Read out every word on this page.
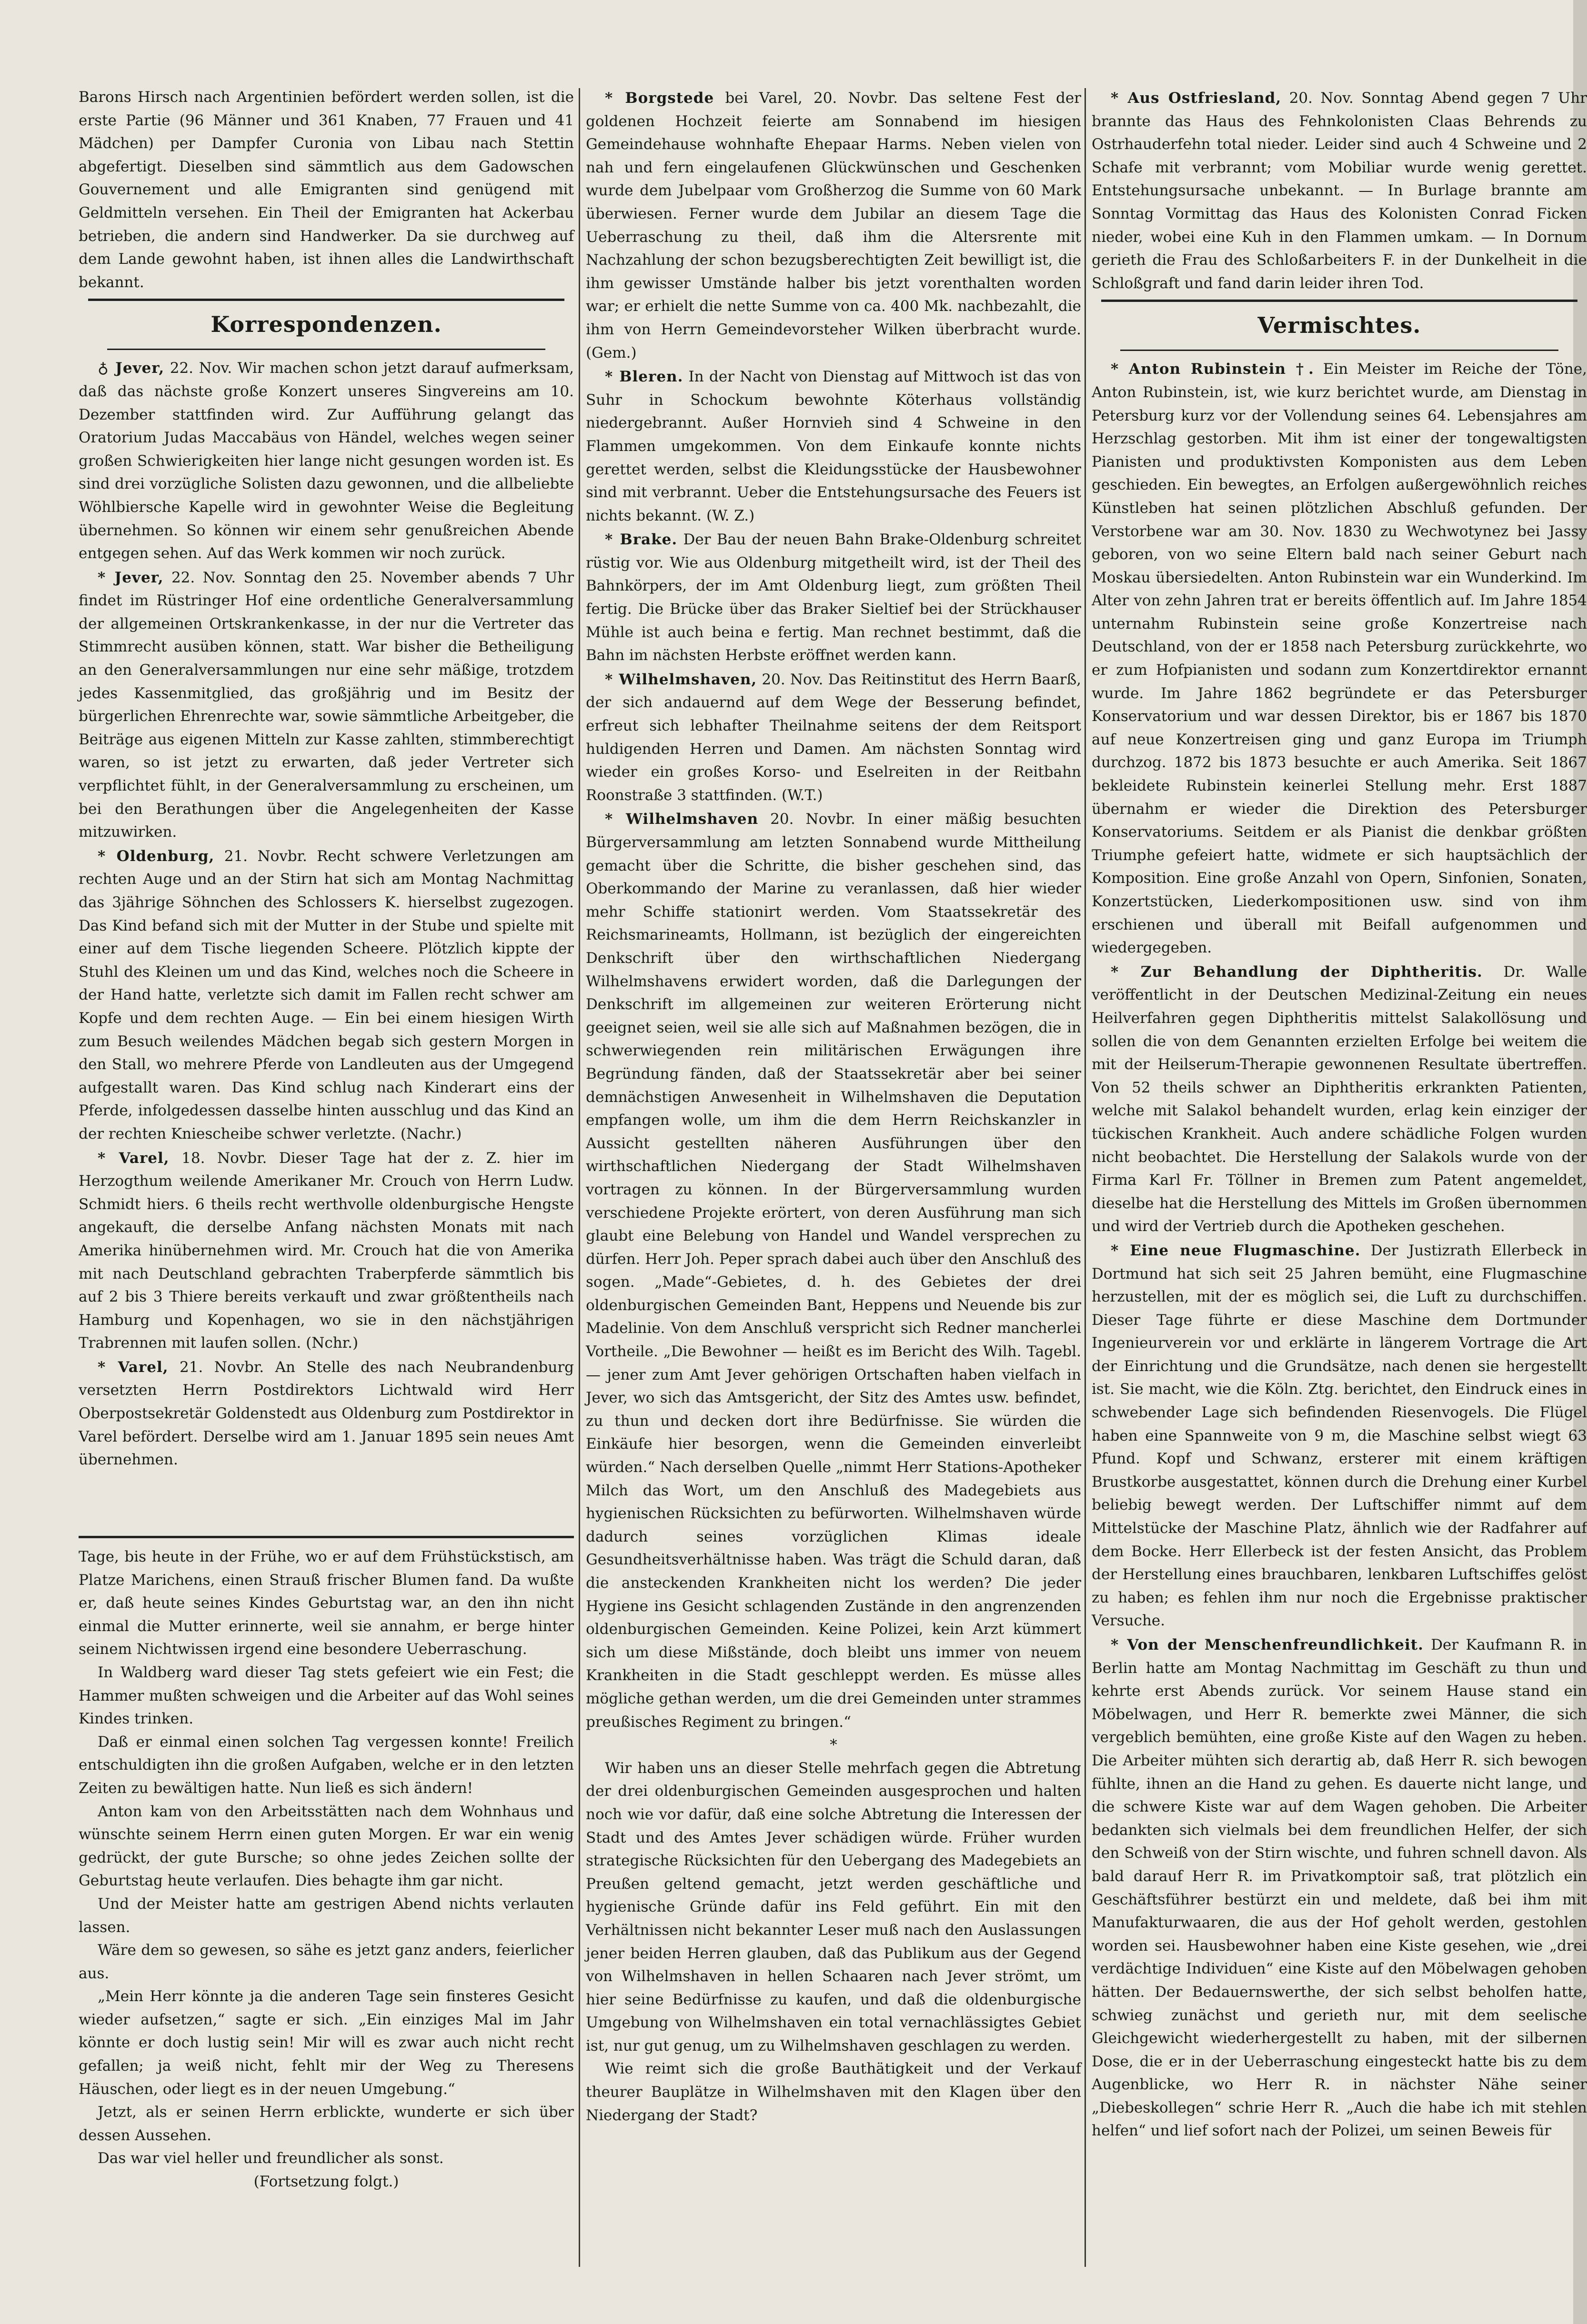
Barons Hirsch nach Argentinien befördert werden sollen, ist die erste Partie (96 Männer und 361 Knaben, 77 Frauen und 41 Mädchen) per Dampfer Curonia von Libau nach Stettin abgefertigt. Dieselben sind sämmtlich aus dem Gadowschen Gouvernement und alle Emigranten sind genügend mit Geldmitteln versehen. Ein Theil der Emigranten hat Ackerbau betrieben, die andern sind Handwerker. Da sie durchweg auf dem Lande gewohnt haben, ist ihnen alles die Landwirthschaft bekannt.

Korrespondenzen.

♁ Jever, 22. Nov. Wir machen schon jetzt darauf aufmerksam, daß das nächste große Konzert unseres Singvereins am 10. Dezember stattfinden wird. Zur Aufführung gelangt das Oratorium Judas Maccabäus von Händel, welches wegen seiner großen Schwierigkeiten hier lange nicht gesungen worden ist. Es sind drei vorzügliche Solisten dazu gewonnen, und die allbeliebte Wöhlbiersche Kapelle wird in gewohnter Weise die Begleitung übernehmen. So können wir einem sehr genußreichen Abende entgegen sehen. Auf das Werk kommen wir noch zurück.

* Jever, 22. Nov. Sonntag den 25. November abends 7 Uhr findet im Rüstringer Hof eine ordentliche Generalversammlung der allgemeinen Ortskrankenkasse, in der nur die Vertreter das Stimmrecht ausüben können, statt. War bisher die Betheiligung an den Generalversammlungen nur eine sehr mäßige, trotzdem jedes Kassenmitglied, das großjährig und im Besitz der bürgerlichen Ehrenrechte war, sowie sämmtliche Arbeitgeber, die Beiträge aus eigenen Mitteln zur Kasse zahlten, stimmberechtigt waren, so ist jetzt zu erwarten, daß jeder Vertreter sich verpflichtet fühlt, in der Generalversammlung zu erscheinen, um bei den Berathungen über die Angelegenheiten der Kasse mitzuwirken.

* Oldenburg, 21. Novbr. Recht schwere Verletzungen am rechten Auge und an der Stirn hat sich am Montag Nachmittag das 3jährige Söhnchen des Schlossers K. hierselbst zugezogen. Das Kind befand sich mit der Mutter in der Stube und spielte mit einer auf dem Tische liegenden Scheere. Plötzlich kippte der Stuhl des Kleinen um und das Kind, welches noch die Scheere in der Hand hatte, verletzte sich damit im Fallen recht schwer am Kopfe und dem rechten Auge. — Ein bei einem hiesigen Wirth zum Besuch weilendes Mädchen begab sich gestern Morgen in den Stall, wo mehrere Pferde von Landleuten aus der Umgegend aufgestallt waren. Das Kind schlug nach Kinderart eins der Pferde, infolgedessen dasselbe hinten ausschlug und das Kind an der rechten Kniescheibe schwer verletzte. (Nachr.)

* Varel, 18. Novbr. Dieser Tage hat der z. Z. hier im Herzogthum weilende Amerikaner Mr. Crouch von Herrn Ludw. Schmidt hiers. 6 theils recht werthvolle oldenburgische Hengste angekauft, die derselbe Anfang nächsten Monats mit nach Amerika hinübernehmen wird. Mr. Crouch hat die von Amerika mit nach Deutschland gebrachten Traberpferde sämmtlich bis auf 2 bis 3 Thiere bereits verkauft und zwar größtentheils nach Hamburg und Kopenhagen, wo sie in den nächstjährigen Trabrennen mit laufen sollen. (Nchr.)

* Varel, 21. Novbr. An Stelle des nach Neubrandenburg versetzten Herrn Postdirektors Lichtwald wird Herr Oberpostsekretär Goldenstedt aus Oldenburg zum Postdirektor in Varel befördert. Derselbe wird am 1. Januar 1895 sein neues Amt übernehmen.

Tage, bis heute in der Frühe, wo er auf dem Frühstückstisch, am Platze Marichens, einen Strauß frischer Blumen fand. Da wußte er, daß heute seines Kindes Geburtstag war, an den ihn nicht einmal die Mutter erinnerte, weil sie annahm, er berge hinter seinem Nichtwissen irgend eine besondere Ueberraschung.

In Waldberg ward dieser Tag stets gefeiert wie ein Fest; die Hammer mußten schweigen und die Arbeiter auf das Wohl seines Kindes trinken.

Daß er einmal einen solchen Tag vergessen konnte! Freilich entschuldigten ihn die großen Aufgaben, welche er in den letzten Zeiten zu bewältigen hatte. Nun ließ es sich ändern!

Anton kam von den Arbeitsstätten nach dem Wohnhaus und wünschte seinem Herrn einen guten Morgen. Er war ein wenig gedrückt, der gute Bursche; so ohne jedes Zeichen sollte der Geburtstag heute verlaufen. Dies behagte ihm gar nicht.

Und der Meister hatte am gestrigen Abend nichts verlauten lassen.

Wäre dem so gewesen, so sähe es jetzt ganz anders, feierlicher aus.

„Mein Herr könnte ja die anderen Tage sein finsteres Gesicht wieder aufsetzen,“ sagte er sich. „Ein einziges Mal im Jahr könnte er doch lustig sein! Mir will es zwar auch nicht recht gefallen; ja weiß nicht, fehlt mir der Weg zu Theresens Häuschen, oder liegt es in der neuen Umgebung.“

Jetzt, als er seinen Herrn erblickte, wunderte er sich über dessen Aussehen.

Das war viel heller und freundlicher als sonst.

(Fortsetzung folgt.)

* Borgstede bei Varel, 20. Novbr. Das seltene Fest der goldenen Hochzeit feierte am Sonnabend im hiesigen Gemeindehause wohnhafte Ehepaar Harms. Neben vielen von nah und fern eingelaufenen Glückwünschen und Geschenken wurde dem Jubelpaar vom Großherzog die Summe von 60 Mark überwiesen. Ferner wurde dem Jubilar an diesem Tage die Ueberraschung zu theil, daß ihm die Altersrente mit Nachzahlung der schon bezugsberechtigten Zeit bewilligt ist, die ihm gewisser Umstände halber bis jetzt vorenthalten worden war; er erhielt die nette Summe von ca. 400 Mk. nachbezahlt, die ihm von Herrn Gemeindevorsteher Wilken überbracht wurde. (Gem.)

* Bleren. In der Nacht von Dienstag auf Mittwoch ist das von Suhr in Schockum bewohnte Köterhaus vollständig niedergebrannt. Außer Hornvieh sind 4 Schweine in den Flammen umgekommen. Von dem Einkaufe konnte nichts gerettet werden, selbst die Kleidungsstücke der Hausbewohner sind mit verbrannt. Ueber die Entstehungsursache des Feuers ist nichts bekannt. (W. Z.)

* Brake. Der Bau der neuen Bahn Brake-Oldenburg schreitet rüstig vor. Wie aus Oldenburg mitgetheilt wird, ist der Theil des Bahnkörpers, der im Amt Oldenburg liegt, zum größten Theil fertig. Die Brücke über das Braker Sieltief bei der Strückhauser Mühle ist auch beina e fertig. Man rechnet bestimmt, daß die Bahn im nächsten Herbste eröffnet werden kann.

* Wilhelmshaven, 20. Nov. Das Reitinstitut des Herrn Baarß, der sich andauernd auf dem Wege der Besserung befindet, erfreut sich lebhafter Theilnahme seitens der dem Reitsport huldigenden Herren und Damen. Am nächsten Sonntag wird wieder ein großes Korso- und Eselreiten in der Reitbahn Roonstraße 3 stattfinden. (W.T.)

* Wilhelmshaven 20. Novbr. In einer mäßig besuchten Bürgerversammlung am letzten Sonnabend wurde Mittheilung gemacht über die Schritte, die bisher geschehen sind, das Oberkommando der Marine zu veranlassen, daß hier wieder mehr Schiffe stationirt werden. Vom Staatssekretär des Reichsmarineamts, Hollmann, ist bezüglich der eingereichten Denkschrift über den wirthschaftlichen Niedergang Wilhelmshavens erwidert worden, daß die Darlegungen der Denkschrift im allgemeinen zur weiteren Erörterung nicht geeignet seien, weil sie alle sich auf Maßnahmen bezögen, die in schwerwiegenden rein militärischen Erwägungen ihre Begründung fänden, daß der Staatssekretär aber bei seiner demnächstigen Anwesenheit in Wilhelmshaven die Deputation empfangen wolle, um ihm die dem Herrn Reichskanzler in Aussicht gestellten näheren Ausführungen über den wirthschaftlichen Niedergang der Stadt Wilhelmshaven vortragen zu können. In der Bürgerversammlung wurden verschiedene Projekte erörtert, von deren Ausführung man sich glaubt eine Belebung von Handel und Wandel versprechen zu dürfen. Herr Joh. Peper sprach dabei auch über den Anschluß des sogen. „Made“-Gebietes, d. h. des Gebietes der drei oldenburgischen Gemeinden Bant, Heppens und Neuende bis zur Madelinie. Von dem Anschluß verspricht sich Redner mancherlei Vortheile. „Die Bewohner — heißt es im Bericht des Wilh. Tagebl. — jener zum Amt Jever gehörigen Ortschaften haben vielfach in Jever, wo sich das Amtsgericht, der Sitz des Amtes usw. befindet, zu thun und decken dort ihre Bedürfnisse. Sie würden die Einkäufe hier besorgen, wenn die Gemeinden einverleibt würden.“ Nach derselben Quelle „nimmt Herr Stations-Apotheker Milch das Wort, um den Anschluß des Madegebiets aus hygienischen Rücksichten zu befürworten. Wilhelmshaven würde dadurch seines vorzüglichen Klimas ideale Gesundheitsverhältnisse haben. Was trägt die Schuld daran, daß die ansteckenden Krankheiten nicht los werden? Die jeder Hygiene ins Gesicht schlagenden Zustände in den angrenzenden oldenburgischen Gemeinden. Keine Polizei, kein Arzt kümmert sich um diese Mißstände, doch bleibt uns immer von neuem Krankheiten in die Stadt geschleppt werden. Es müsse alles mögliche gethan werden, um die drei Gemeinden unter strammes preußisches Regiment zu bringen.“

*

Wir haben uns an dieser Stelle mehrfach gegen die Abtretung der drei oldenburgischen Gemeinden ausgesprochen und halten noch wie vor dafür, daß eine solche Abtretung die Interessen der Stadt und des Amtes Jever schädigen würde. Früher wurden strategische Rücksichten für den Uebergang des Madegebiets an Preußen geltend gemacht, jetzt werden geschäftliche und hygienische Gründe dafür ins Feld geführt. Ein mit den Verhältnissen nicht bekannter Leser muß nach den Auslassungen jener beiden Herren glauben, daß das Publikum aus der Gegend von Wilhelmshaven in hellen Schaaren nach Jever strömt, um hier seine Bedürfnisse zu kaufen, und daß die oldenburgische Umgebung von Wilhelmshaven ein total vernachlässigtes Gebiet ist, nur gut genug, um zu Wilhelmshaven geschlagen zu werden.

Wie reimt sich die große Bauthätigkeit und der Verkauf theurer Bauplätze in Wilhelmshaven mit den Klagen über den Niedergang der Stadt?

* Aus Ostfriesland, 20. Nov. Sonntag Abend gegen 7 Uhr brannte das Haus des Fehnkolonisten Claas Behrends zu Ostrhauderfehn total nieder. Leider sind auch 4 Schweine und 2 Schafe mit verbrannt; vom Mobiliar wurde wenig gerettet. Entstehungsursache unbekannt. — In Burlage brannte am Sonntag Vormittag das Haus des Kolonisten Conrad Ficken nieder, wobei eine Kuh in den Flammen umkam. — In Dornum gerieth die Frau des Schloßarbeiters F. in der Dunkelheit in die Schloßgraft und fand darin leider ihren Tod.

Vermischtes.

* Anton Rubinstein †. Ein Meister im Reiche der Töne, Anton Rubinstein, ist, wie kurz berichtet wurde, am Dienstag in Petersburg kurz vor der Vollendung seines 64. Lebensjahres am Herzschlag gestorben. Mit ihm ist einer der tongewaltigsten Pianisten und produktivsten Komponisten aus dem Leben geschieden. Ein bewegtes, an Erfolgen außergewöhnlich reiches Künstleben hat seinen plötzlichen Abschluß gefunden. Der Verstorbene war am 30. Nov. 1830 zu Wechwotynez bei Jassy geboren, von wo seine Eltern bald nach seiner Geburt nach Moskau übersiedelten. Anton Rubinstein war ein Wunderkind. Im Alter von zehn Jahren trat er bereits öffentlich auf. Im Jahre 1854 unternahm Rubinstein seine große Konzertreise nach Deutschland, von der er 1858 nach Petersburg zurückkehrte, wo er zum Hofpianisten und sodann zum Konzertdirektor ernannt wurde. Im Jahre 1862 begründete er das Petersburger Konservatorium und war dessen Direktor, bis er 1867 bis 1870 auf neue Konzertreisen ging und ganz Europa im Triumph durchzog. 1872 bis 1873 besuchte er auch Amerika. Seit 1867 bekleidete Rubinstein keinerlei Stellung mehr. Erst 1887 übernahm er wieder die Direktion des Petersburger Konservatoriums. Seitdem er als Pianist die denkbar größten Triumphe gefeiert hatte, widmete er sich hauptsächlich der Komposition. Eine große Anzahl von Opern, Sinfonien, Sonaten, Konzertstücken, Liederkompositionen usw. sind von ihm erschienen und überall mit Beifall aufgenommen und wiedergegeben.

* Zur Behandlung der Diphtheritis. Dr. Walle veröffentlicht in der Deutschen Medizinal-Zeitung ein neues Heilverfahren gegen Diphtheritis mittelst Salakollösung und sollen die von dem Genannten erzielten Erfolge bei weitem die mit der Heilserum-Therapie gewonnenen Resultate übertreffen. Von 52 theils schwer an Diphtheritis erkrankten Patienten, welche mit Salakol behandelt wurden, erlag kein einziger der tückischen Krankheit. Auch andere schädliche Folgen wurden nicht beobachtet. Die Herstellung der Salakols wurde von der Firma Karl Fr. Töllner in Bremen zum Patent angemeldet, dieselbe hat die Herstellung des Mittels im Großen übernommen und wird der Vertrieb durch die Apotheken geschehen.

* Eine neue Flugmaschine. Der Justizrath Ellerbeck in Dortmund hat sich seit 25 Jahren bemüht, eine Flugmaschine herzustellen, mit der es möglich sei, die Luft zu durchschiffen. Dieser Tage führte er diese Maschine dem Dortmunder Ingenieurverein vor und erklärte in längerem Vortrage die Art der Einrichtung und die Grundsätze, nach denen sie hergestellt ist. Sie macht, wie die Köln. Ztg. berichtet, den Eindruck eines in schwebender Lage sich befindenden Riesenvogels. Die Flügel haben eine Spannweite von 9 m, die Maschine selbst wiegt 63 Pfund. Kopf und Schwanz, ersterer mit einem kräftigen Brustkorbe ausgestattet, können durch die Drehung einer Kurbel beliebig bewegt werden. Der Luftschiffer nimmt auf dem Mittelstücke der Maschine Platz, ähnlich wie der Radfahrer auf dem Bocke. Herr Ellerbeck ist der festen Ansicht, das Problem der Herstellung eines brauchbaren, lenkbaren Luftschiffes gelöst zu haben; es fehlen ihm nur noch die Ergebnisse praktischer Versuche.

* Von der Menschenfreundlichkeit. Der Kaufmann R. in Berlin hatte am Montag Nachmittag im Geschäft zu thun und kehrte erst Abends zurück. Vor seinem Hause stand ein Möbelwagen, und Herr R. bemerkte zwei Männer, die sich vergeblich bemühten, eine große Kiste auf den Wagen zu heben. Die Arbeiter mühten sich derartig ab, daß Herr R. sich bewogen fühlte, ihnen an die Hand zu gehen. Es dauerte nicht lange, und die schwere Kiste war auf dem Wagen gehoben. Die Arbeiter bedankten sich vielmals bei dem freundlichen Helfer, der sich den Schweiß von der Stirn wischte, und fuhren schnell davon. Als bald darauf Herr R. im Privatkomptoir saß, trat plötzlich ein Geschäftsführer bestürzt ein und meldete, daß bei ihm mit Manufakturwaaren, die aus der Hof geholt werden, gestohlen worden sei. Hausbewohner haben eine Kiste gesehen, wie „drei verdächtige Individuen“ eine Kiste auf den Möbelwagen gehoben hätten. Der Bedauernswerthe, der sich selbst beholfen hatte, schwieg zunächst und gerieth nur, mit dem seelische Gleichgewicht wiederhergestellt zu haben, mit der silbernen Dose, die er in der Ueberraschung eingesteckt hatte bis zu dem Augenblicke, wo Herr R. in nächster Nähe seiner „Diebeskollegen“ schrie Herr R. „Auch die habe ich mit stehlen helfen“ und lief sofort nach der Polizei, um seinen Beweis für
